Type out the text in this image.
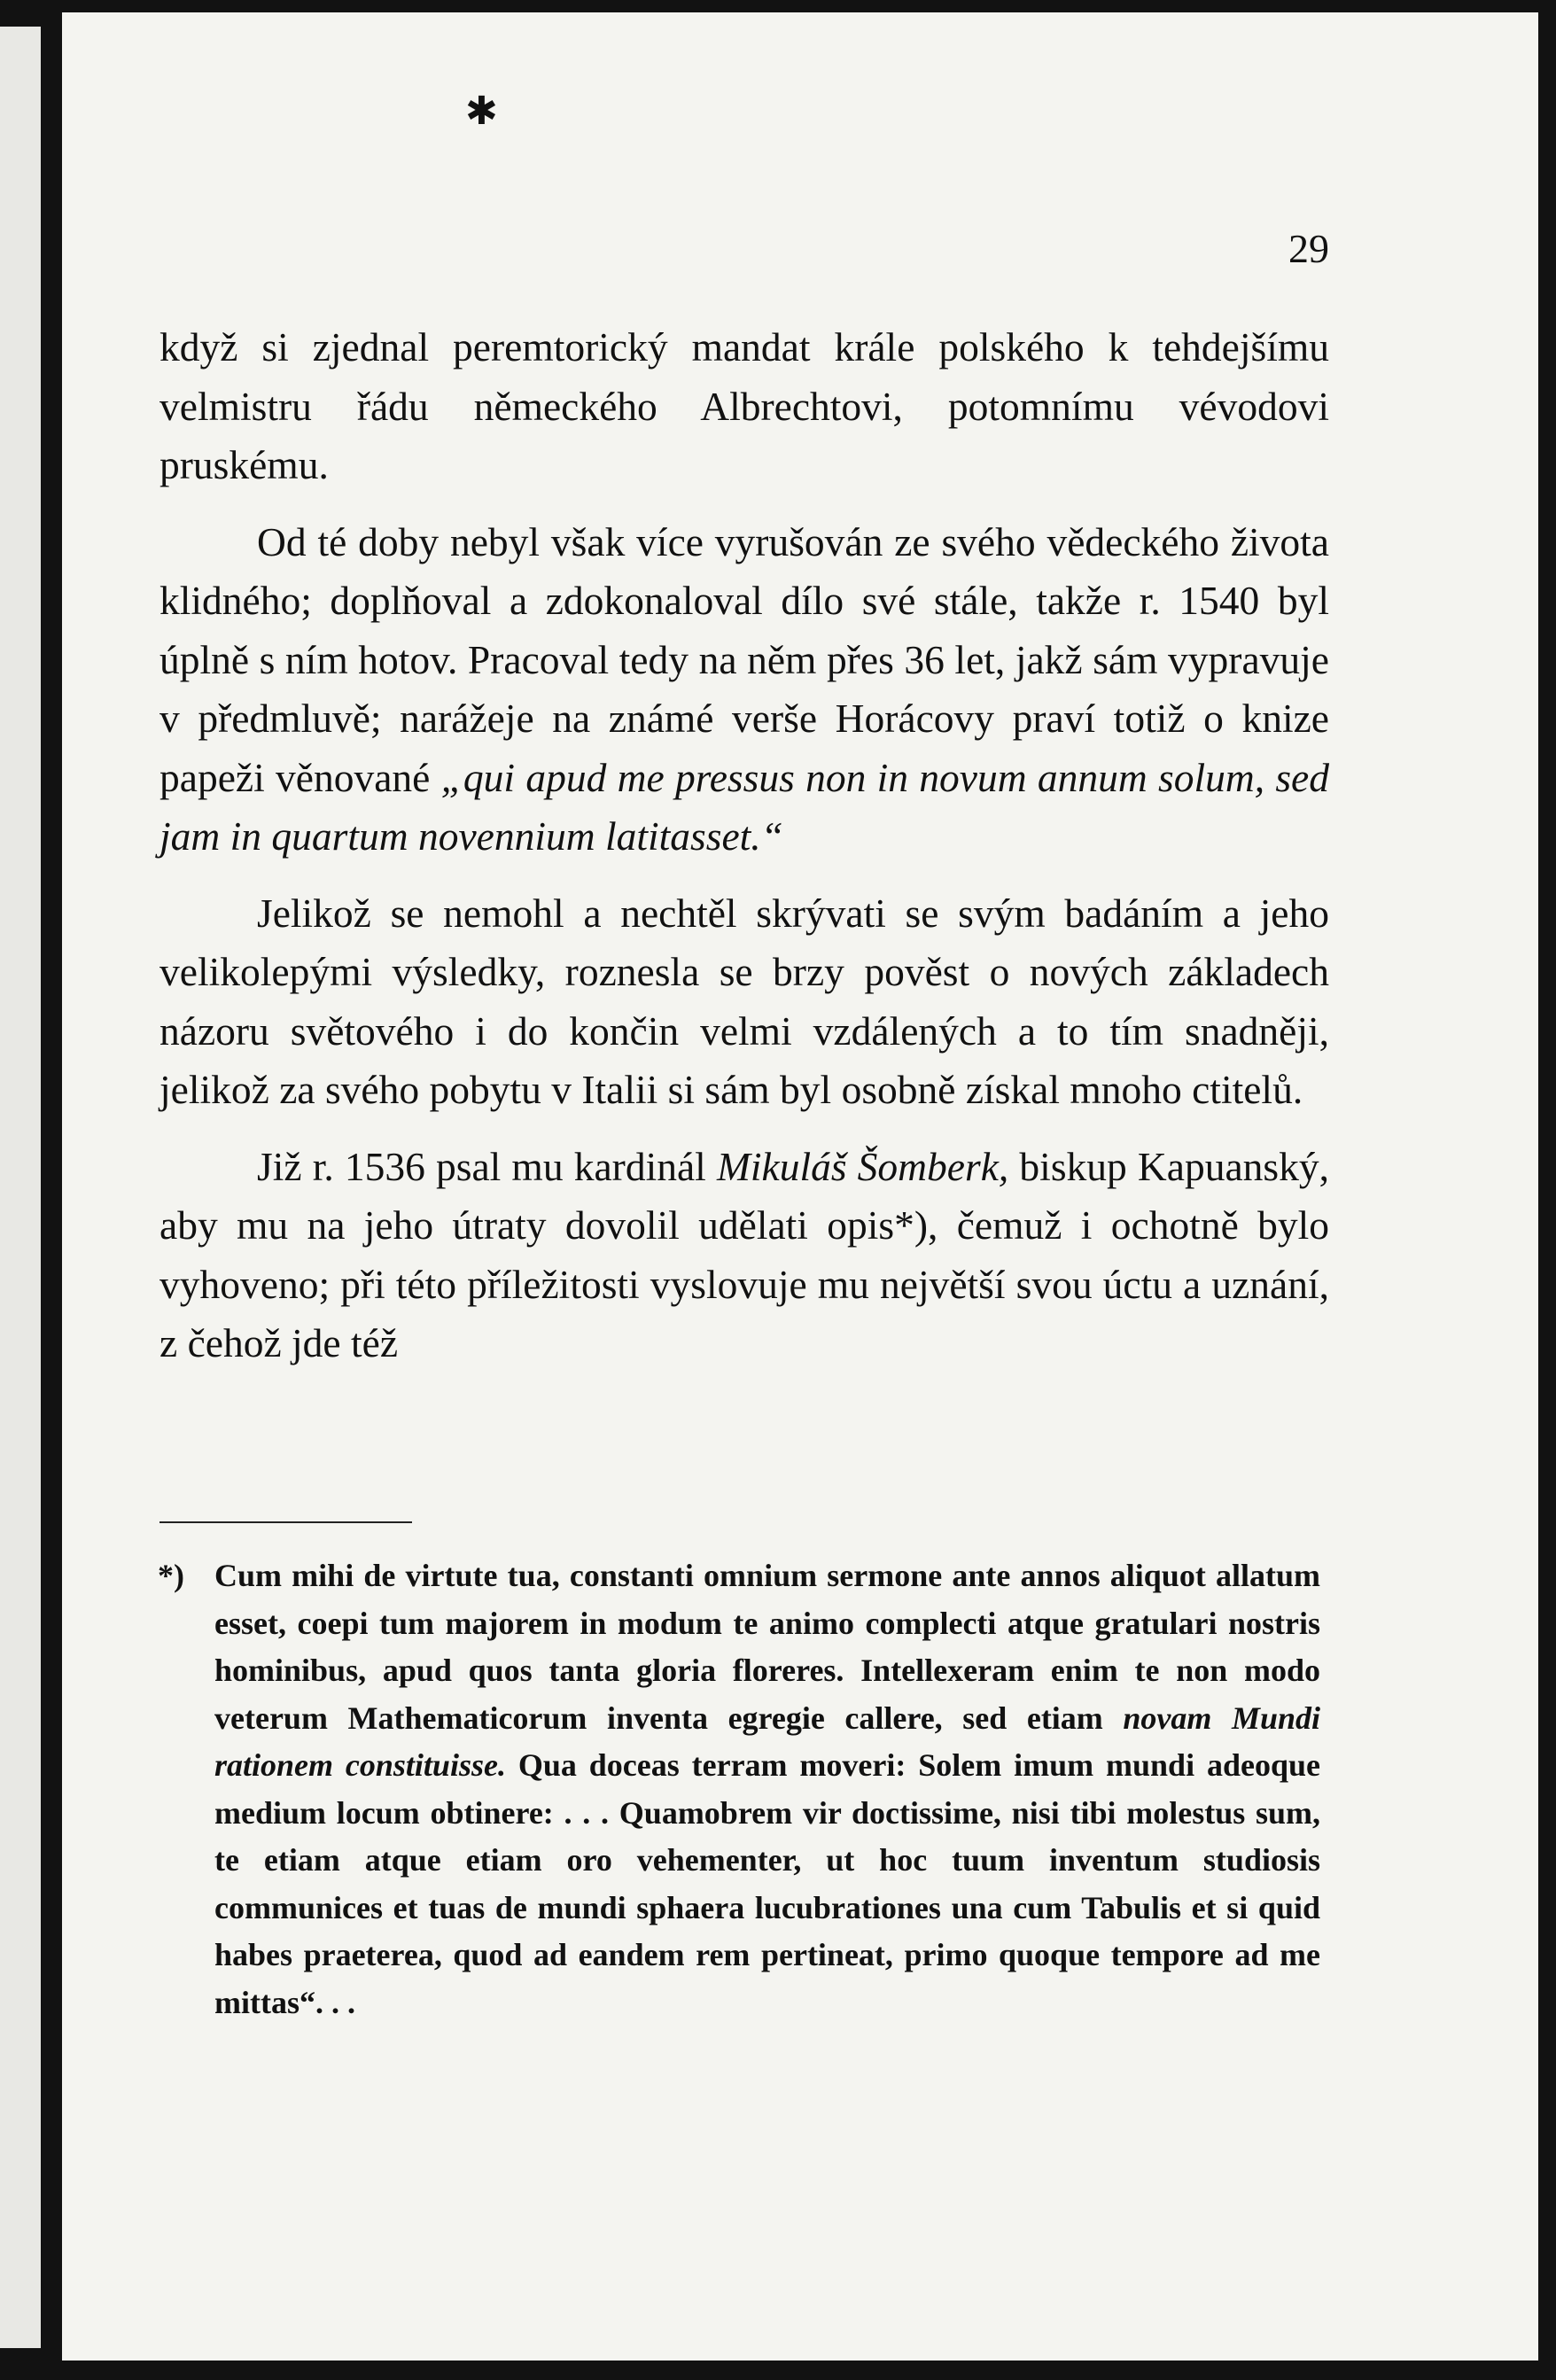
✱
29

když si zjednal peremtorický mandat krále polského k tehdejšímu velmistru řádu německého Albrechtovi, potomnímu vévodovi pruskému.

Od té doby nebyl však více vyrušován ze svého vědeckého života klidného; doplňoval a zdokonaloval dílo své stále, takže r. 1540 byl úplně s ním hotov. Pracoval tedy na něm přes 36 let, jakž sám vypravuje v předmluvě; narážeje na známé verše Horácovy praví totiž o knize papeži věnované „qui apud me pressus non in novum annum solum, sed jam in quartum novennium latitasset.“

Jelikož se nemohl a nechtěl skrývati se svým badáním a jeho velikolepými výsledky, roznesla se brzy pověst o nových základech názoru světového i do končin velmi vzdálených a to tím snadněji, jelikož za svého pobytu v Italii si sám byl osobně získal mnoho ctitelů.

Již r. 1536 psal mu kardinál Mikuláš Šomberk, biskup Kapuanský, aby mu na jeho útraty dovolil udělati opis*), čemuž i ochotně bylo vyhoveno; při této příležitosti vyslovuje mu největší svou úctu a uznání, z čehož jde též

*) Cum mihi de virtute tua, constanti omnium sermone ante annos aliquot allatum esset, coepi tum majorem in modum te animo complecti atque gratulari nostris hominibus, apud quos tanta gloria floreres. Intellexeram enim te non modo veterum Mathematicorum inventa egregie callere, sed etiam novam Mundi rationem constituisse. Qua doceas terram moveri: Solem imum mundi adeoque medium locum obtinere: . . . Quamobrem vir doctissime, nisi tibi molestus sum, te etiam atque etiam oro vehementer, ut hoc tuum inventum studiosis communices et tuas de mundi sphaera lucubrationes una cum Tabulis et si quid habes praeterea, quod ad eandem rem pertineat, primo quoque tempore ad me mittas“. . .
